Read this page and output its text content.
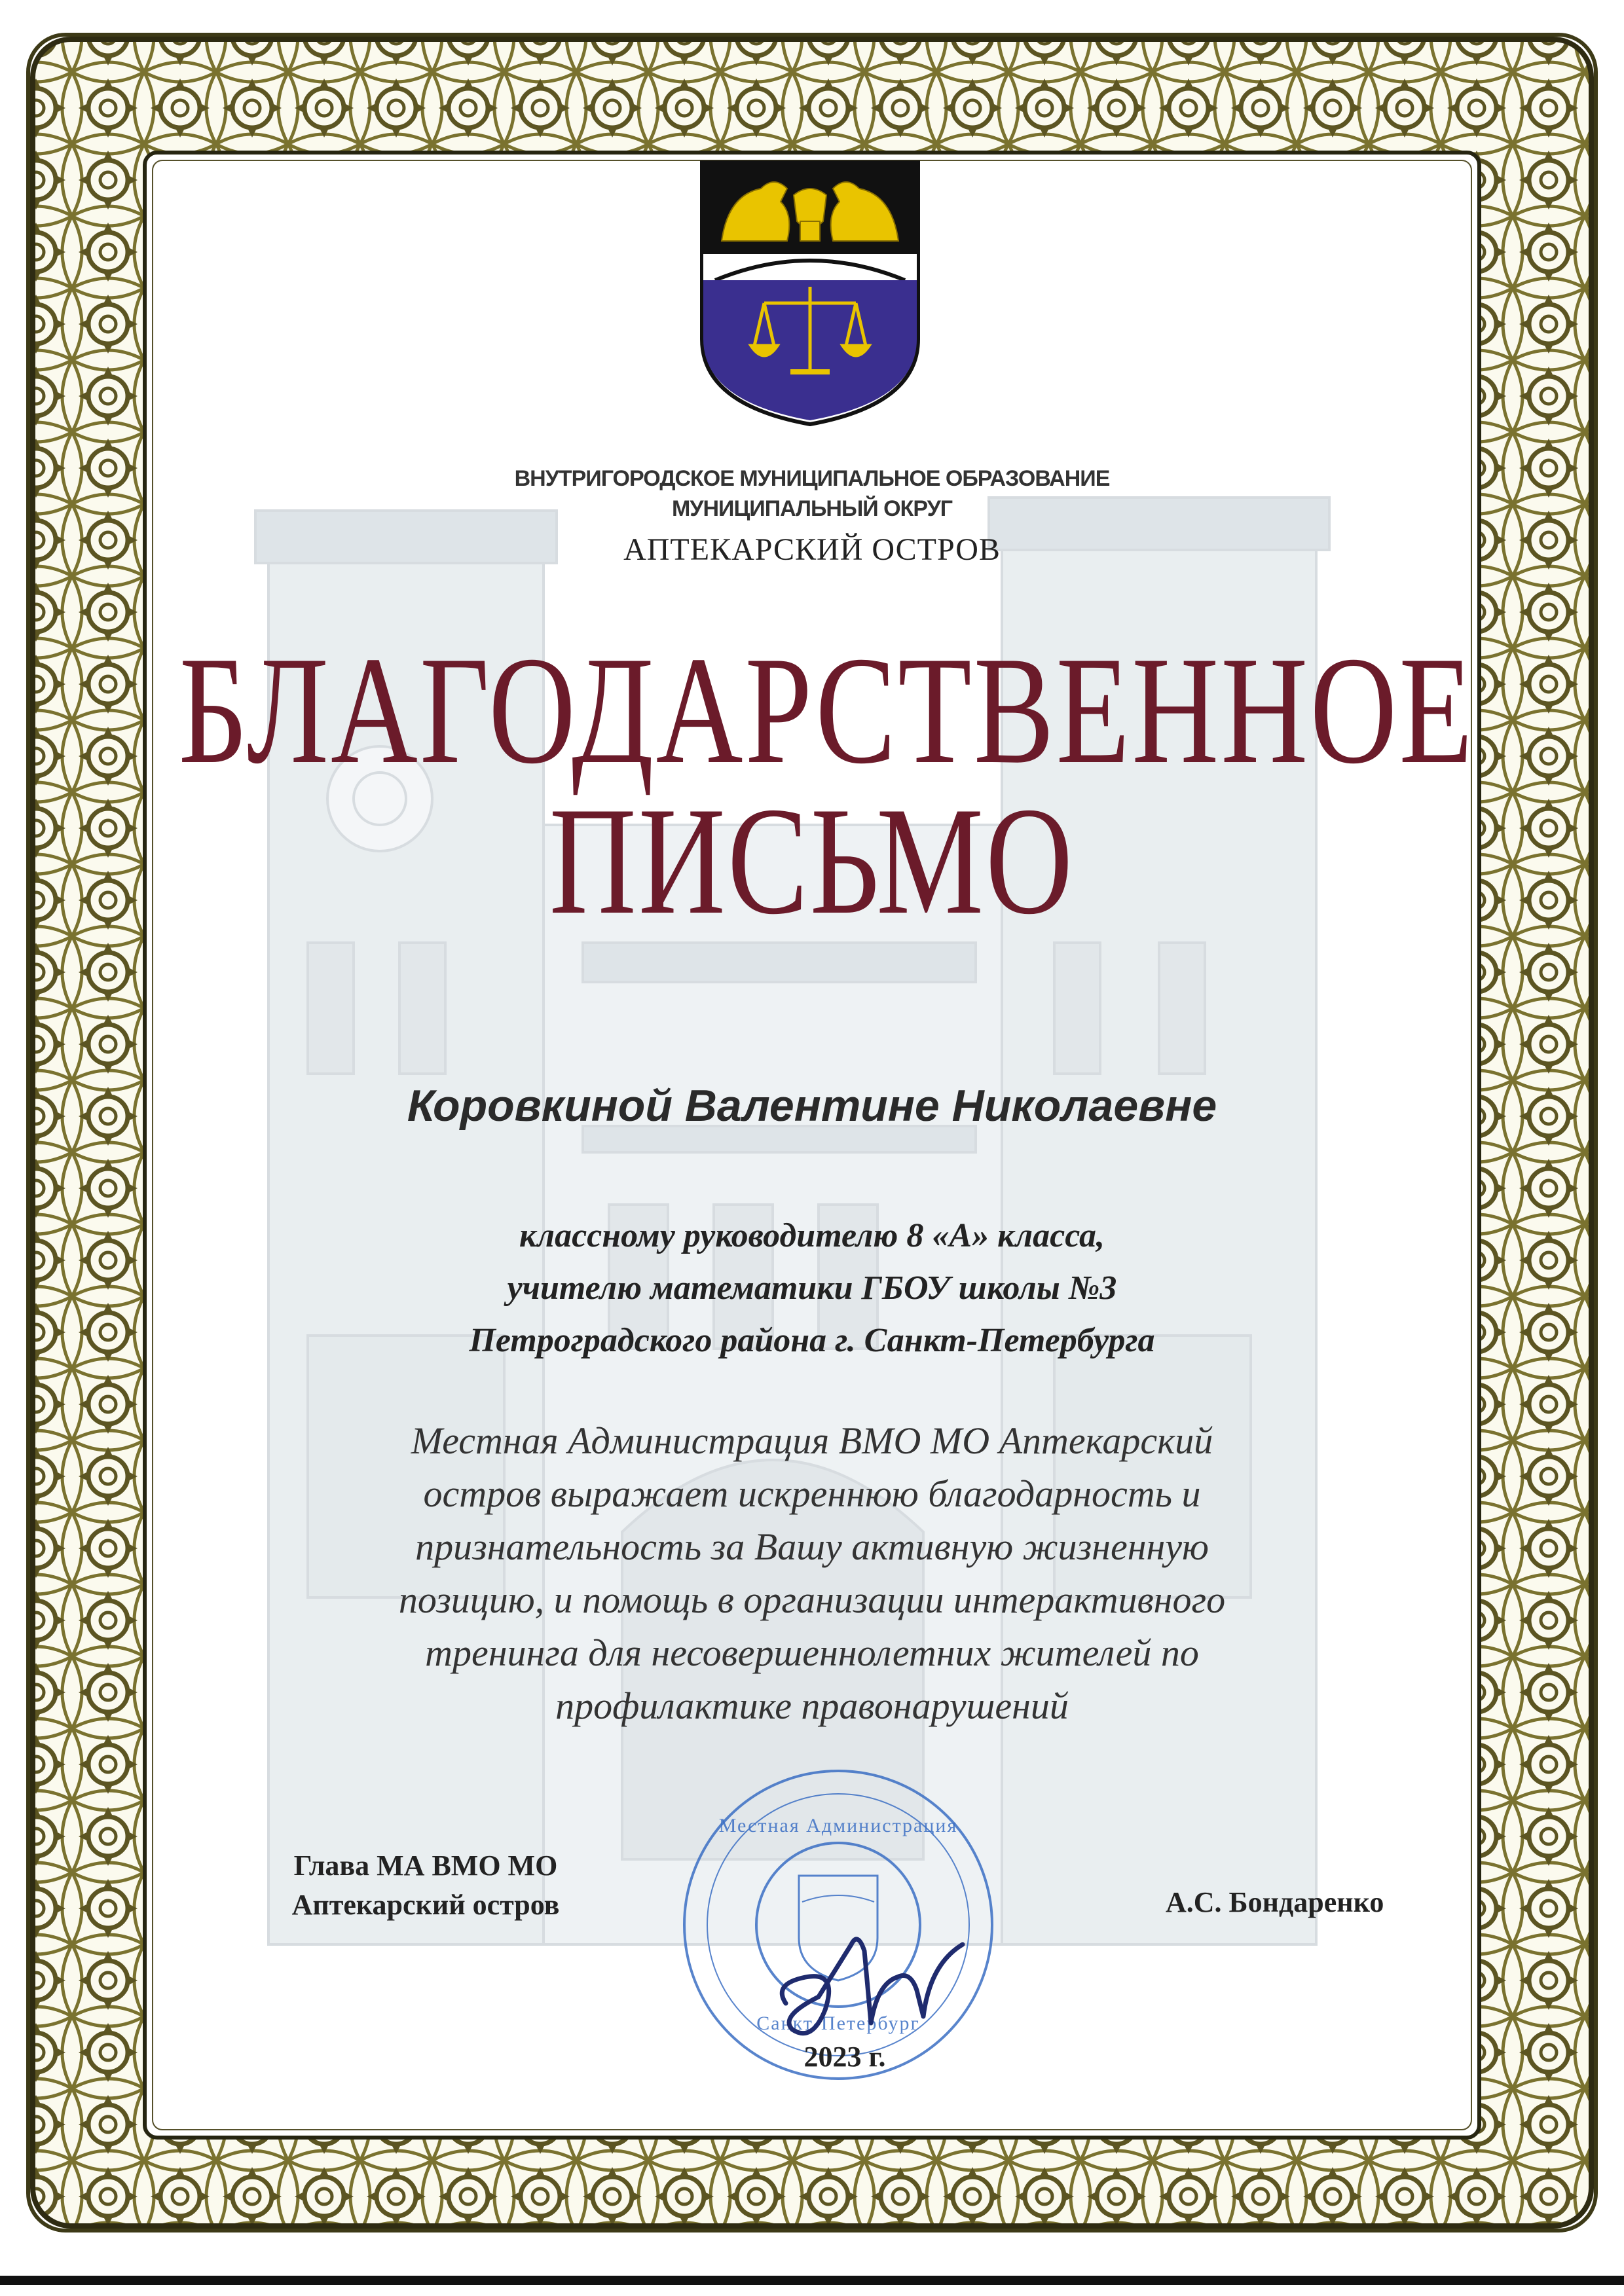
ВНУТРИГОРОДСКОЕ МУНИЦИПАЛЬНОЕ ОБРАЗОВАНИЕ
МУНИЦИПАЛЬНЫЙ ОКРУГ
АПТЕКАРСКИЙ ОСТРОВ
БЛАГОДАРСТВЕННОЕ
ПИСЬМО
Коровкиной Валентине Николаевне
классному руководителю 8 «А» класса,
учителю математики ГБОУ школы №3
Петроградского района г. Санкт-Петербурга
Местная Администрация ВМО МО Аптекарский
остров выражает искреннюю благодарность и
признательность за Вашу активную жизненную
позицию, и помощь в организации интерактивного
тренинга для несовершеннолетних жителей по
профилактике правонарушений
Глава МА ВМО МО
Аптекарский остров
Местная Администрация
Санкт-Петербург
А.С. Бондаренко
2023 г.
